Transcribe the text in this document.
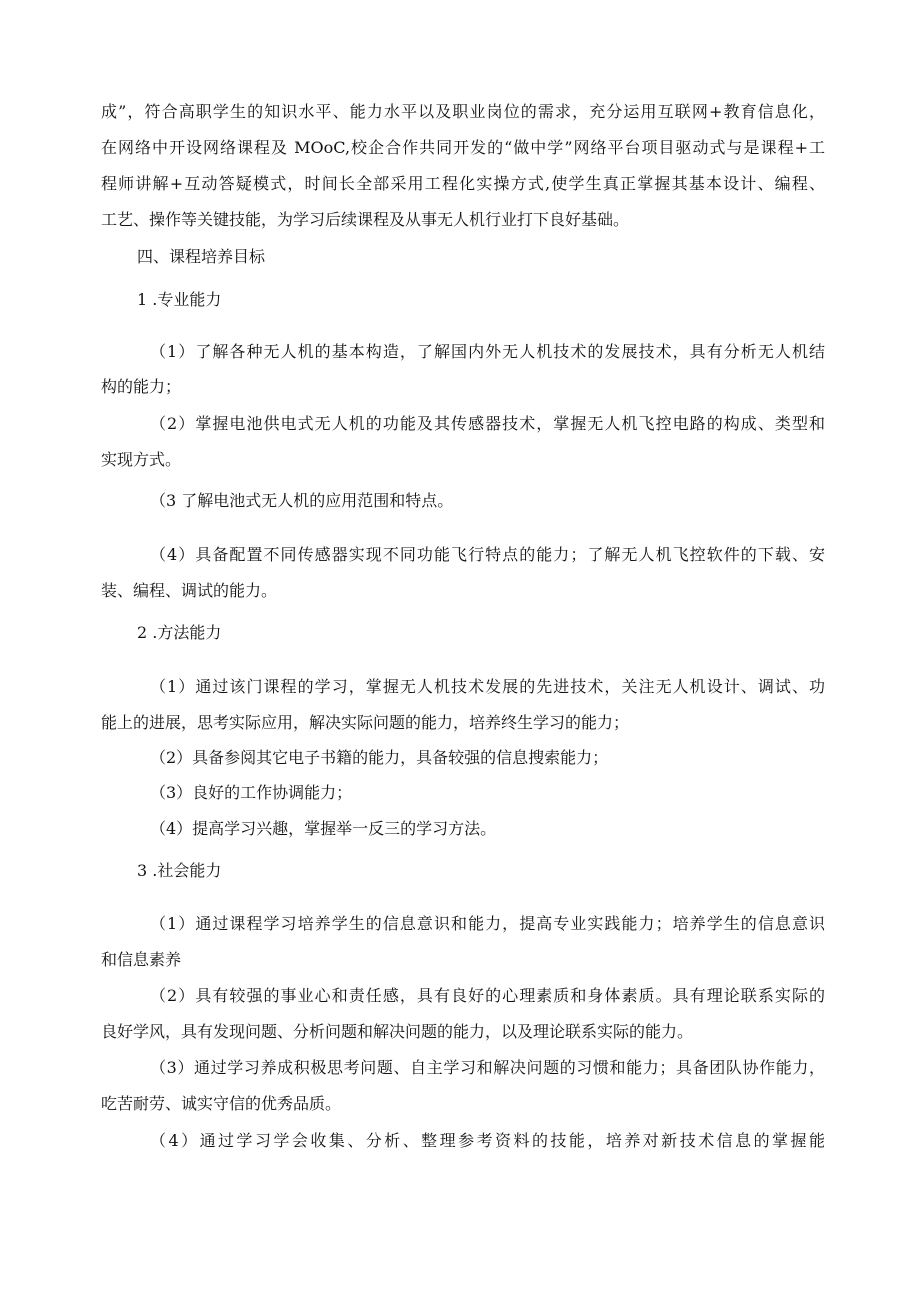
成”，符合高职学生的知识水平、能力水平以及职业岗位的需求，充分运用互联网+教育信息化，
在网络中开设网络课程及 MOoC,校企合作共同开发的“做中学”网络平台项目驱动式与是课程+工
程师讲解+互动答疑模式，时间长全部采用工程化实操方式,使学生真正掌握其基本设计、编程、
工艺、操作等关键技能，为学习后续课程及从事无人机行业打下良好基础。
四、课程培养目标
1 .专业能力
（1）了解各种无人机的基本构造，了解国内外无人机技术的发展技术，具有分析无人机结
构的能力；
（2）掌握电池供电式无人机的功能及其传感器技术，掌握无人机飞控电路的构成、类型和
实现方式。
（3 了解电池式无人机的应用范围和特点。
（4）具备配置不同传感器实现不同功能飞行特点的能力；了解无人机飞控软件的下载、安
装、编程、调试的能力。
2 .方法能力
（1）通过该门课程的学习，掌握无人机技术发展的先进技术，关注无人机设计、调试、功
能上的进展，思考实际应用，解决实际问题的能力，培养终生学习的能力；
（2）具备参阅其它电子书籍的能力，具备较强的信息搜索能力；
（3）良好的工作协调能力；
（4）提高学习兴趣，掌握举一反三的学习方法。
3 .社会能力
（1）通过课程学习培养学生的信息意识和能力，提高专业实践能力；培养学生的信息意识
和信息素养
（2）具有较强的事业心和责任感，具有良好的心理素质和身体素质。具有理论联系实际的
良好学风，具有发现问题、分析问题和解决问题的能力，以及理论联系实际的能力。
（3）通过学习养成积极思考问题、自主学习和解决问题的习惯和能力；具备团队协作能力，
吃苦耐劳、诚实守信的优秀品质。
（4）通过学习学会收集、分析、整理参考资料的技能，培养对新技术信息的掌握能
